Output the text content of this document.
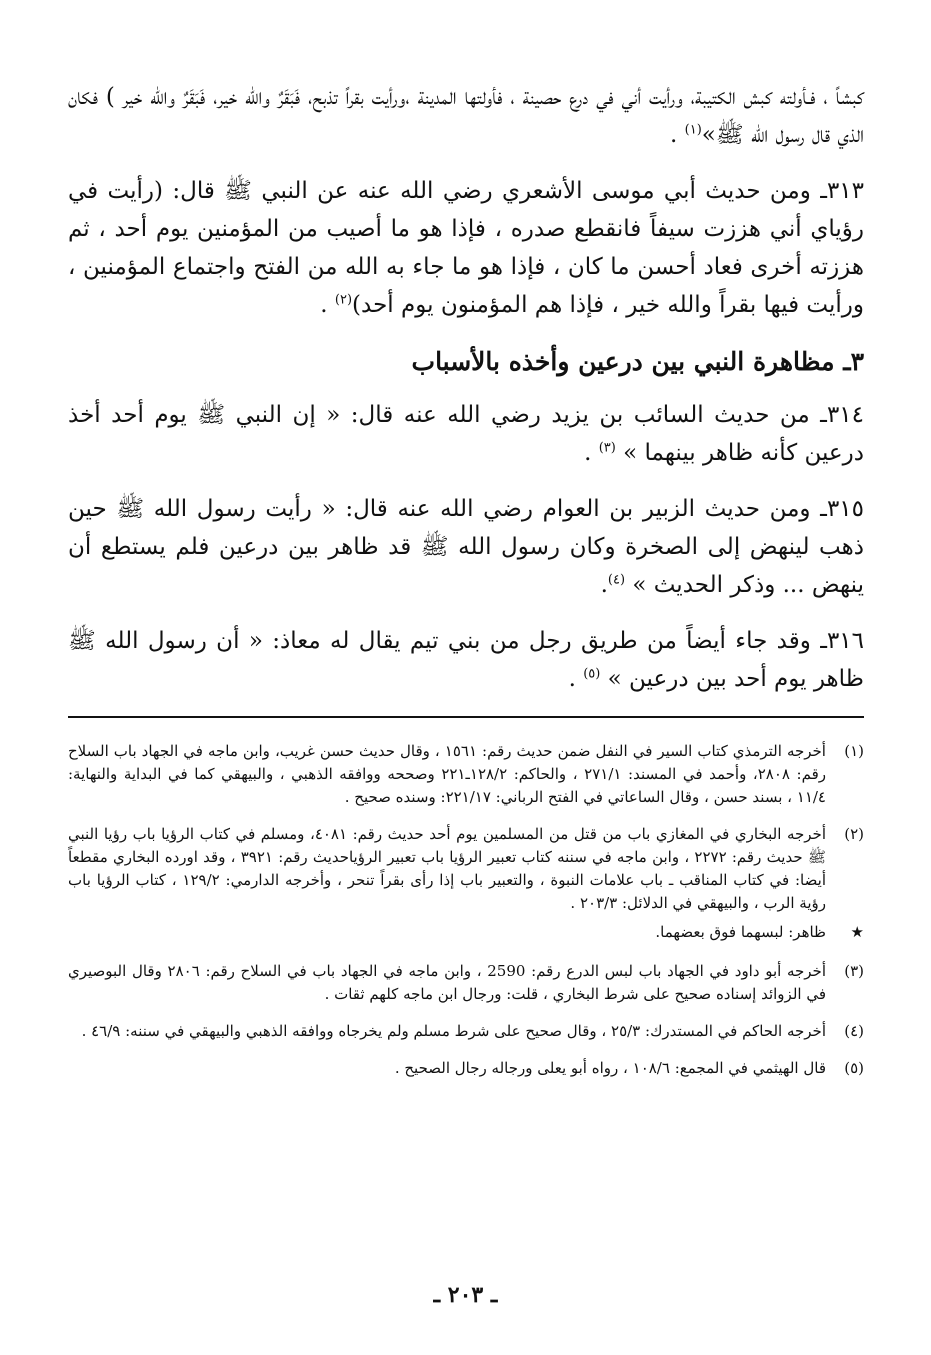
كبشاً ، فـأولته كبش الكتيبة، ورأيت أني في درع حصينة ، فأولتها المدينة ،ورأيت بقراً تذبح، فَبَقَرٌ والله خير، فَبَقَرٌ والله خير ) فكان الذي قال رسول الله ﷺ»$^{(١)}$ .

٣١٣ـ ومن حديث أبي موسى الأشعري رضي الله عنه عن النبي ﷺ قال: (رأيت في رؤياي أني هززت سيفاً فانقطع صدره ، فإذا هو ما أصيب من المؤمنين يوم أحد ، ثم هززته أخرى فعاد أحسن ما كان ، فإذا هو ما جاء به الله من الفتح واجتماع المؤمنين ، ورأيت فيها بقراً والله خير ، فإذا هم المؤمنون يوم أحد)$^{(٢)}$ .

٣ـ مظاهرة النبي بين درعين وأخذه بالأسباب

٣١٤ـ من حديث السائب بن يزيد رضي الله عنه قال: « إن النبي ﷺ يوم أحد أخذ درعين كأنه ظاهر بينهما » $^{(٣)}$ .

٣١٥ـ ومن حديث الزبير بن العوام رضي الله عنه قال: « رأيت رسول الله ﷺ حين ذهب لينهض إلى الصخرة وكان رسول الله ﷺ قد ظاهر بين درعين فلم يستطع أن ينهض ... وذكر الحديث » $^{(٤)}$.

٣١٦ـ وقد جاء أيضاً من طريق رجل من بني تيم يقال له معاذ: « أن رسول الله ﷺ ظاهر يوم أحد بين درعين » $^{(٥)}$ .

(١)
أخرجه الترمذي كتاب السير في النفل ضمن حديث رقم: ١٥٦١ ، وقال حديث حسن غريب، وابن ماجه في الجهاد باب السلاح رقم: ٢٨٠٨، وأحمد في المسند: ٢٧١/١ ، والحاكم: ١٢٨/٢ـ٢٢١ وصححه ووافقه الذهبي ، والبيهقي كما في البداية والنهاية: ١١/٤ ، بسند حسن ، وقال الساعاتي في الفتح الرباني: ٢٢١/١٧: وسنده صحيح .
(٢)
أخرجه البخاري في المغازي باب من قتل من المسلمين يوم أحد حديث رقم: ٤٠٨١، ومسلم في كتاب الرؤيا باب رؤيا النبي ﷺ حديث رقم: ٢٢٧٢ ، وابن ماجه في سننه كتاب تعبير الرؤيا باب تعبير الرؤياحديث رقم: ٣٩٢١ ، وقد اورده البخاري مقطعاً أيضا: في كتاب المناقب ـ باب علامات النبوة ، والتعبير باب إذا رأى بقراً تنحر ، وأخرجه الدارمي: ١٢٩/٢ ، كتاب الرؤيا باب رؤية الرب ، والبيهقي في الدلائل: ٢٠٣/٣ .
★
ظاهر: لبسهما فوق بعضهما.
(٣)
أخرجه أبو داود في الجهاد باب لبس الدرع رقم: 2590 ، وابن ماجه في الجهاد باب في السلاح رقم: ٢٨٠٦ وقال البوصيري في الزوائد إسناده صحيح على شرط البخاري ، قلت: ورجال ابن ماجه كلهم ثقات .
(٤)
أخرجه الحاكم في المستدرك: ٢٥/٣ ، وقال صحيح على شرط مسلم ولم يخرجاه ووافقه الذهبي والبيهقي في سننه: ٤٦/٩ .
(٥)
قال الهيثمي في المجمع: ١٠٨/٦ ، رواه أبو يعلى ورجاله رجال الصحيح .
ـ ٢٠٣ ـ
